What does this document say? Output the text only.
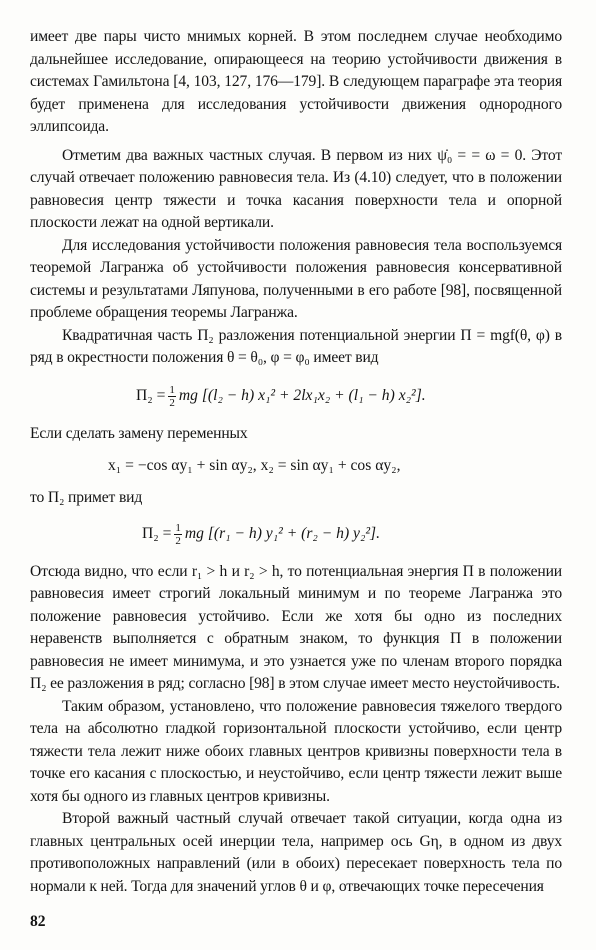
имеет две пары чисто мнимых корней. В этом последнем случае необходимо дальнейшее исследование, опирающееся на теорию устойчивости движения в системах Гамильтона [4, 103, 127, 176—179]. В следующем параграфе эта теория будет применена для исследования устойчивости движения однородного эллипсоида.

Отметим два важных частных случая. В первом из них ψ̇₀ = = ω = 0. Этот случай отвечает положению равновесия тела. Из (4.10) следует, что в положении равновесия центр тяжести и точка касания поверхности тела и опорной плоскости лежат на одной вертикали.

Для исследования устойчивости положения равновесия тела воспользуемся теоремой Лагранжа об устойчивости положения равновесия консервативной системы и результатами Ляпунова, полученными в его работе [98], посвященной проблеме обращения теоремы Лагранжа.

Квадратичная часть Π₂ разложения потенциальной энергии Π = mgf(θ, φ) в ряд в окрестности положения θ = θ₀, φ = φ₀ имеет вид

$\Pi_2 = \frac{1}{2}$ mg [(l₂ − h) x₁² + 2lx₁x₂ + (l₁ − h) x₂²].

Если сделать замену переменных

x₁ = −cos αy₁ + sin αy₂, x₂ = sin αy₁ + cos αy₂,

то Π₂ примет вид

$\Pi_2 = \frac{1}{2}$ mg [(r₁ − h) y₁² + (r₂ − h) y₂²].

Отсюда видно, что если r₁ > h и r₂ > h, то потенциальная энергия Π в положении равновесия имеет строгий локальный минимум и по теореме Лагранжа это положение равновесия устойчиво. Если же хотя бы одно из последних неравенств выполняется с обратным знаком, то функция Π в положении равновесия не имеет минимума, и это узнается уже по членам второго порядка Π₂ ее разложения в ряд; согласно [98] в этом случае имеет место неустойчивость.

Таким образом, установлено, что положение равновесия тяжелого твердого тела на абсолютно гладкой горизонтальной плоскости устойчиво, если центр тяжести тела лежит ниже обоих главных центров кривизны поверхности тела в точке его касания с плоскостью, и неустойчиво, если центр тяжести лежит выше хотя бы одного из главных центров кривизны.

Второй важный частный случай отвечает такой ситуации, когда одна из главных центральных осей инерции тела, например ось Gη, в одном из двух противоположных направлений (или в обоих) пересекает поверхность тела по нормали к ней. Тогда для значений углов θ и φ, отвечающих точке пересечения

82
